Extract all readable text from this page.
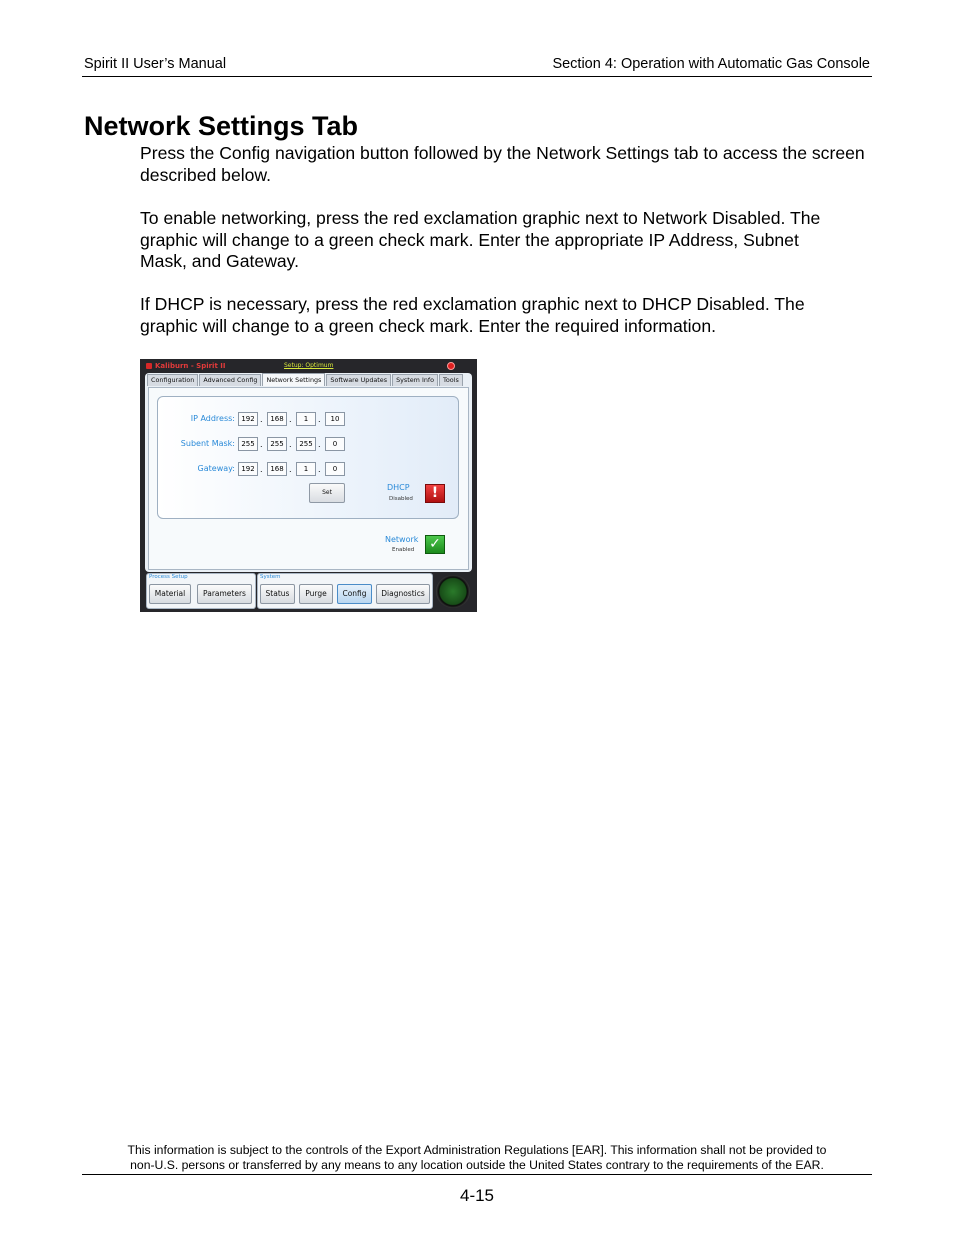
Spirit II User’s Manual	Section 4: Operation with Automatic Gas Console
Network Settings Tab
Press the Config navigation button followed by the Network Settings tab to access the screen described below.
To enable networking, press the red exclamation graphic next to Network Disabled. The graphic will change to a green check mark. Enter the appropriate IP Address, Subnet Mask, and Gateway.
If DHCP is necessary, press the red exclamation graphic next to DHCP Disabled. The graphic will change to a green check mark. Enter the required information.
Kaliburn - Spirit II	Setup: Optimum
Configuration	Advanced Config	Network Settings	Software Updates	System Info	Tools
IP Address: 192 .	168 .	1	.	10
Subent Mask: 255 .	255 .	255 .	0
Gateway: 192 .	168 .	1	.	0
Set
DHCP
Disabled	!
Network
Enabled ✓
Process Setup
Material	Parameters
System
Status	Purge	Config	Diagnostics
This information is subject to the controls of the Export Administration Regulations [EAR]. This information shall not be provided to
non-U.S. persons or transferred by any means to any location outside the United States contrary to the requirements of the EAR.
4-15
